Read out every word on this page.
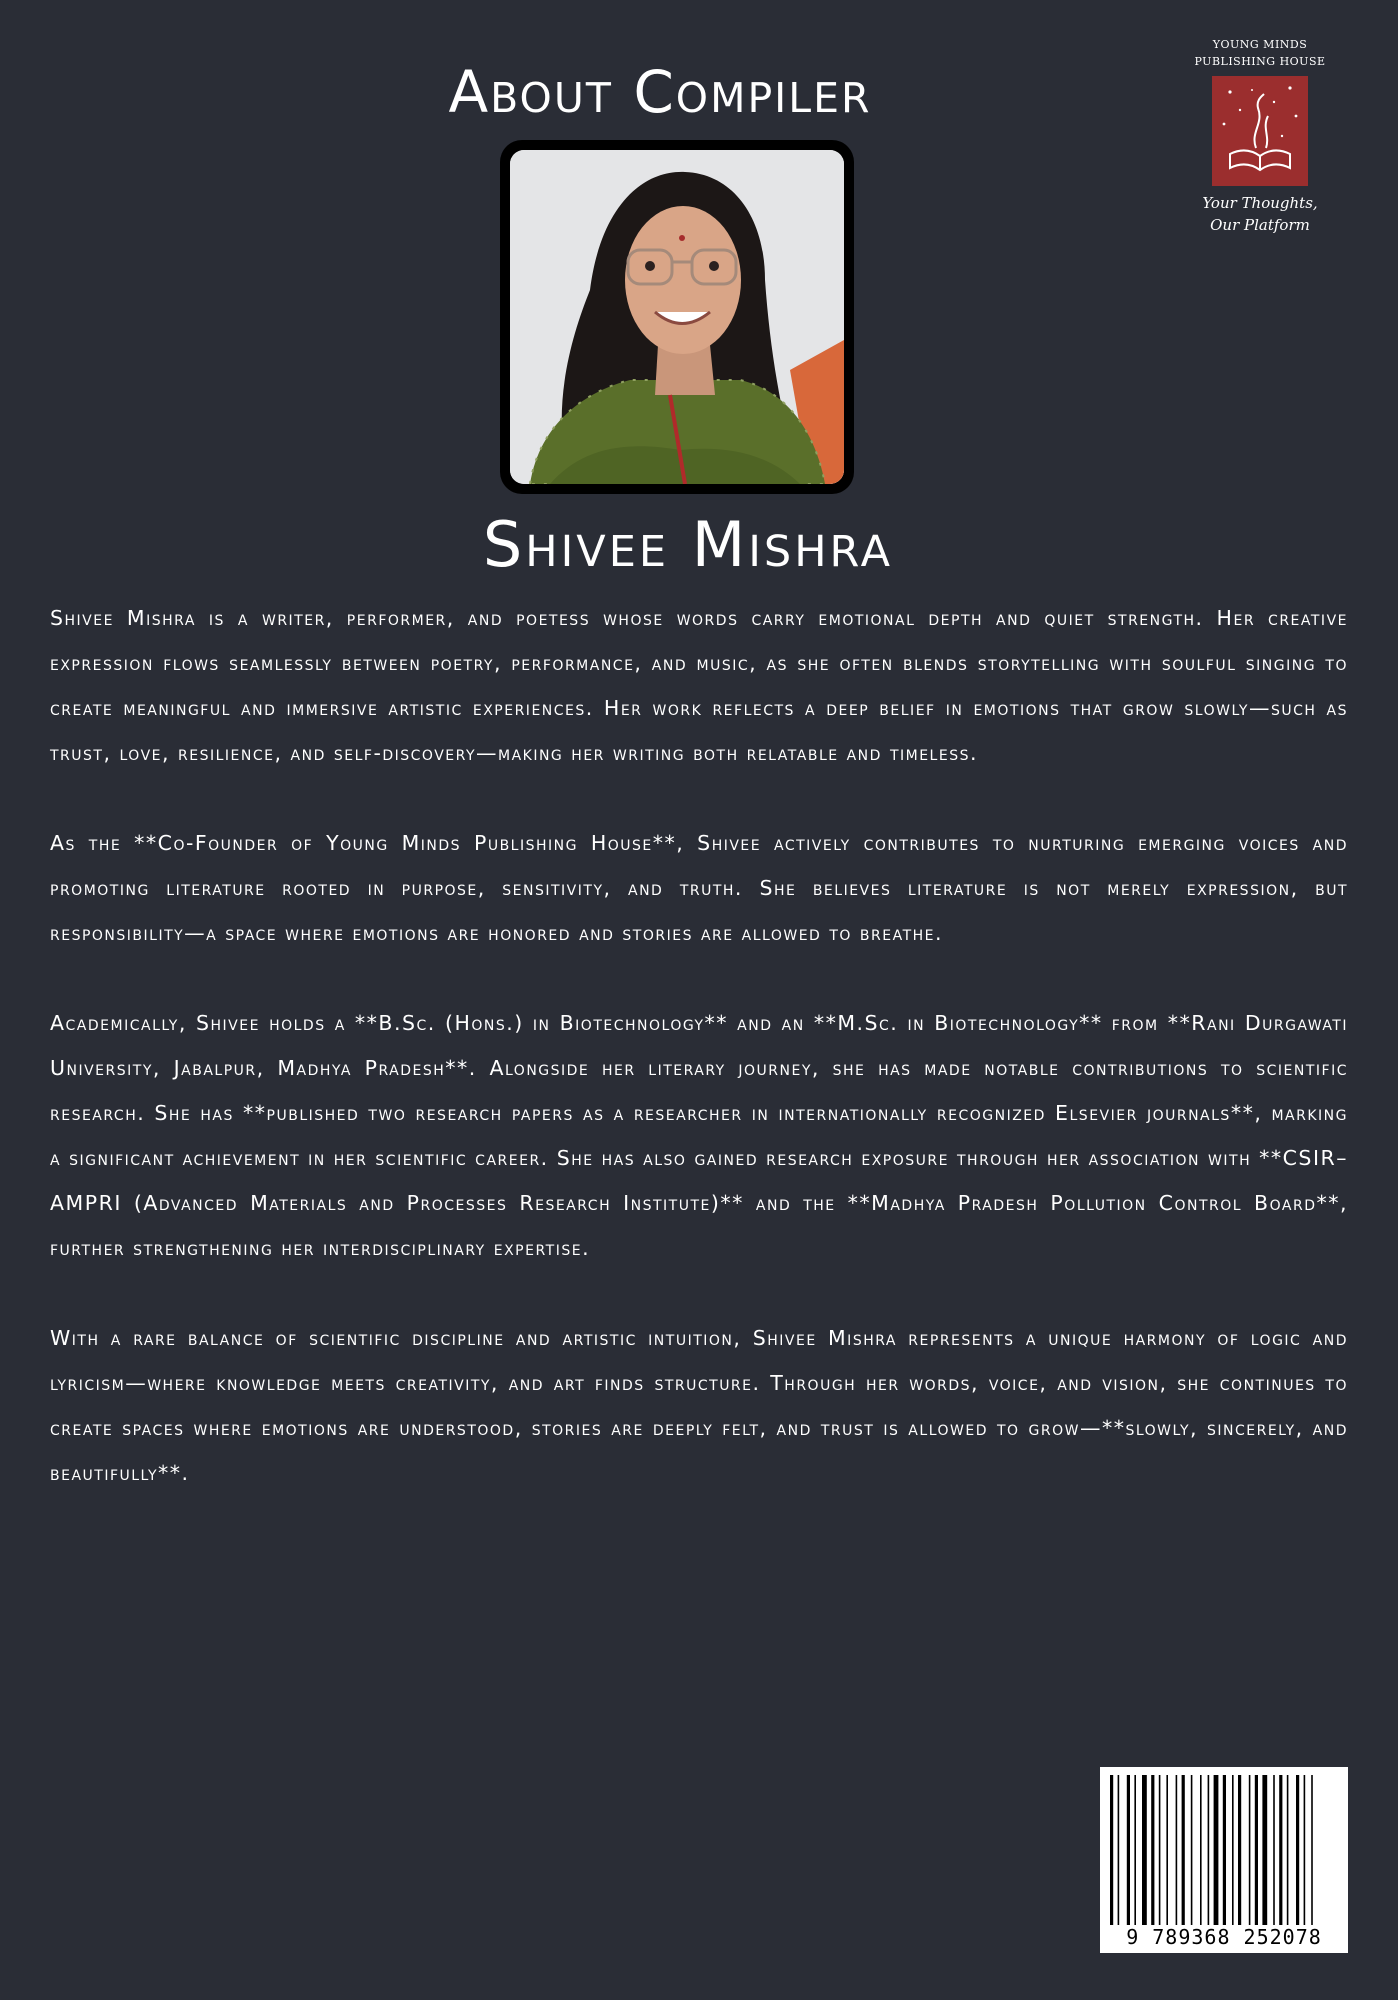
About Compiler
YOUNG MINDS
PUBLISHING HOUSE
Your Thoughts,
Our Platform
Shivee Mishra

Shivee Mishra is a writer, performer, and poetess whose words carry emotional depth and quiet strength. Her creative expression flows seamlessly between poetry, performance, and music, as she often blends storytelling with soulful singing to create meaningful and immersive artistic experiences. Her work reflects a deep belief in emotions that grow slowly—such as trust, love, resilience, and self-discovery—making her writing both relatable and timeless.

As the **Co-Founder of Young Minds Publishing House**, Shivee actively contributes to nurturing emerging voices and promoting literature rooted in purpose, sensitivity, and truth. She believes literature is not merely expression, but responsibility—a space where emotions are honored and stories are allowed to breathe.

Academically, Shivee holds a **B.Sc. (Hons.) in Biotechnology** and an **M.Sc. in Biotechnology** from **Rani Durgawati University, Jabalpur, Madhya Pradesh**. Alongside her literary journey, she has made notable contributions to scientific research. She has **published two research papers as a researcher in internationally recognized Elsevier journals**, marking a significant achievement in her scientific career. She has also gained research exposure through her association with **CSIR–AMPRI (Advanced Materials and Processes Research Institute)** and the **Madhya Pradesh Pollution Control Board**, further strengthening her interdisciplinary expertise.

With a rare balance of scientific discipline and artistic intuition, Shivee Mishra represents a unique harmony of logic and lyricism—where knowledge meets creativity, and art finds structure. Through her words, voice, and vision, she continues to create spaces where emotions are understood, stories are deeply felt, and trust is allowed to grow—**slowly, sincerely, and beautifully**.

9 789368 252078
